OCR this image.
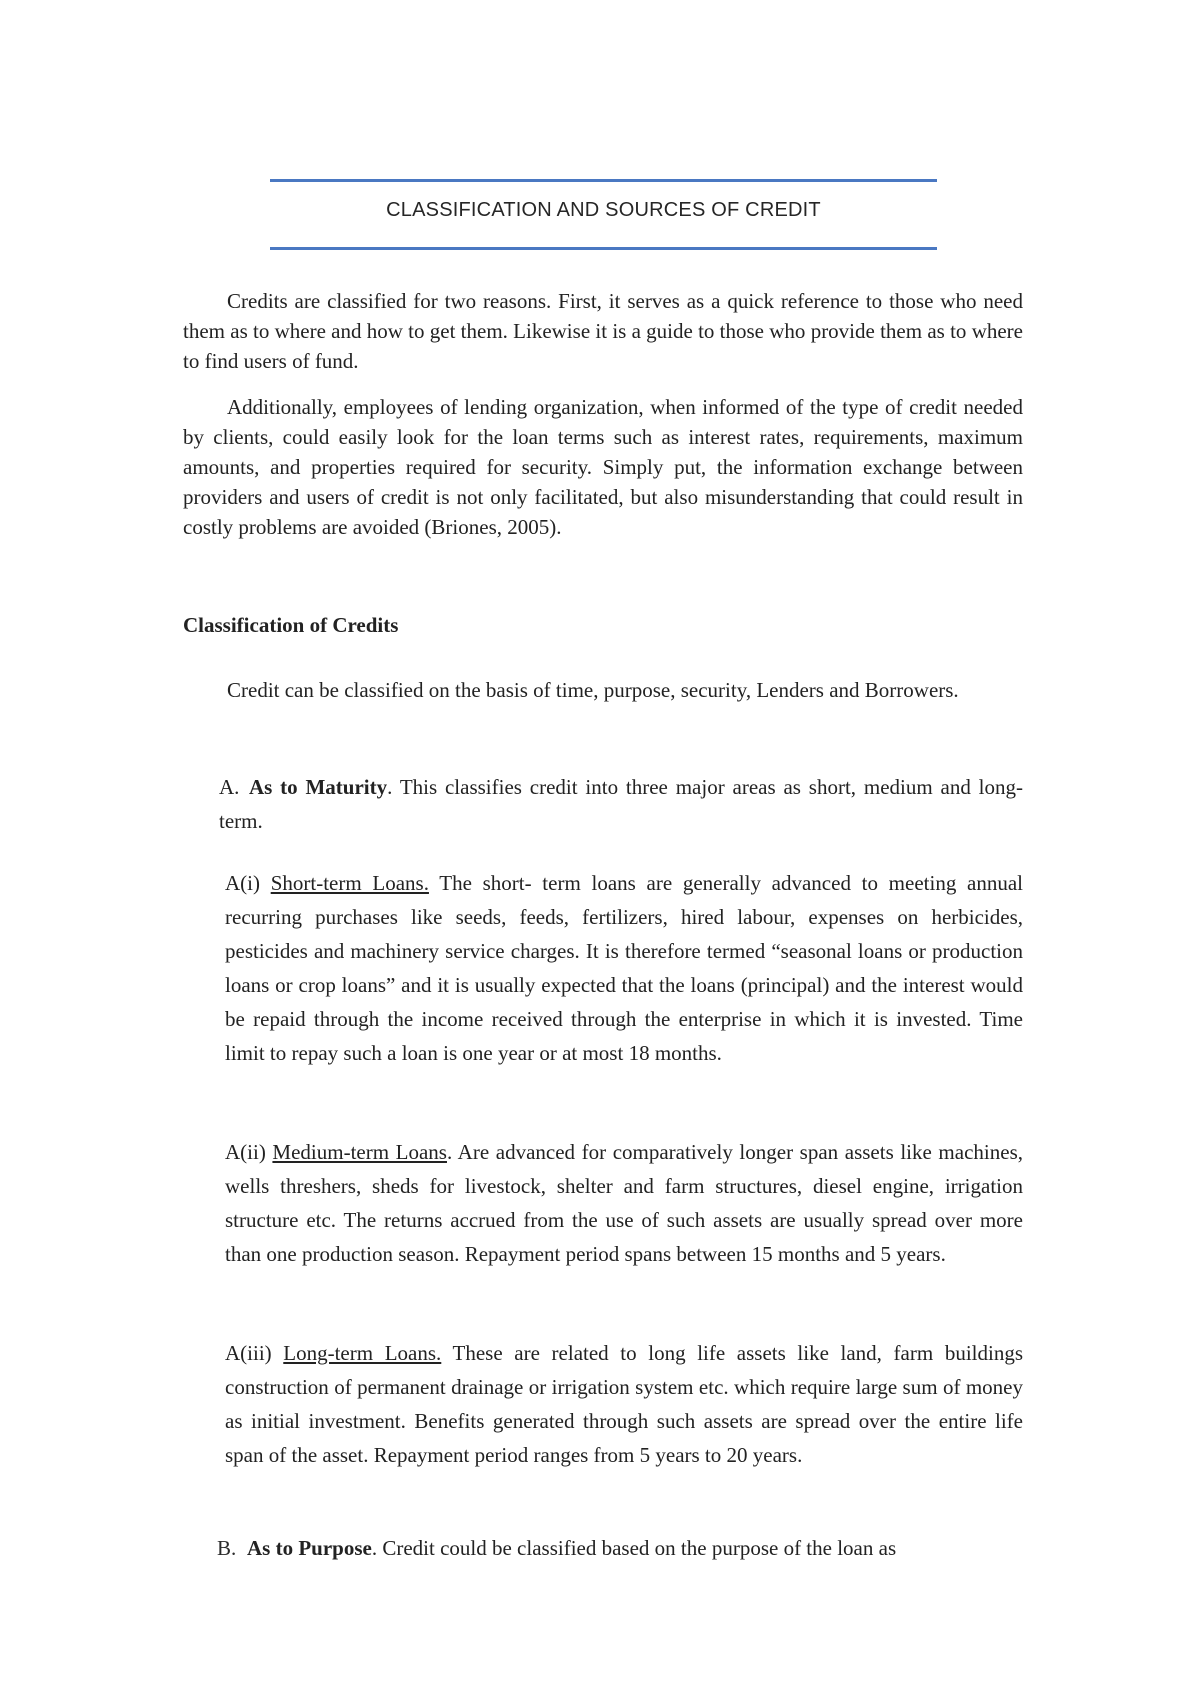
CLASSIFICATION AND SOURCES OF CREDIT

Credits are classified for two reasons. First, it serves as a quick reference to those who need them as to where and how to get them. Likewise it is a guide to those who provide them as to where to find users of fund.

Additionally, employees of lending organization, when informed of the type of credit needed by clients, could easily look for the loan terms such as interest rates, requirements, maximum amounts, and properties required for security. Simply put, the information exchange between providers and users of credit is not only facilitated, but also misunderstanding that could result in costly problems are avoided (Briones, 2005).

Classification of Credits

Credit can be classified on the basis of time, purpose, security, Lenders and Borrowers.

A. As to Maturity. This classifies credit into three major areas as short, medium and long-term.
A(i) Short-term Loans. The short- term loans are generally advanced to meeting annual recurring purchases like seeds, feeds, fertilizers, hired labour, expenses on herbicides, pesticides and machinery service charges. It is therefore termed “seasonal loans or production loans or crop loans” and it is usually expected that the loans (principal) and the interest would be repaid through the income received through the enterprise in which it is invested. Time limit to repay such a loan is one year or at most 18 months.
A(ii) Medium-term Loans. Are advanced for comparatively longer span assets like machines, wells threshers, sheds for livestock, shelter and farm structures, diesel engine, irrigation structure etc. The returns accrued from the use of such assets are usually spread over more than one production season. Repayment period spans between 15 months and 5 years.
A(iii) Long-term Loans. These are related to long life assets like land, farm buildings construction of permanent drainage or irrigation system etc. which require large sum of money as initial investment. Benefits generated through such assets are spread over the entire life span of the asset. Repayment period ranges from 5 years to 20 years.
B. As to Purpose. Credit could be classified based on the purpose of the loan as
